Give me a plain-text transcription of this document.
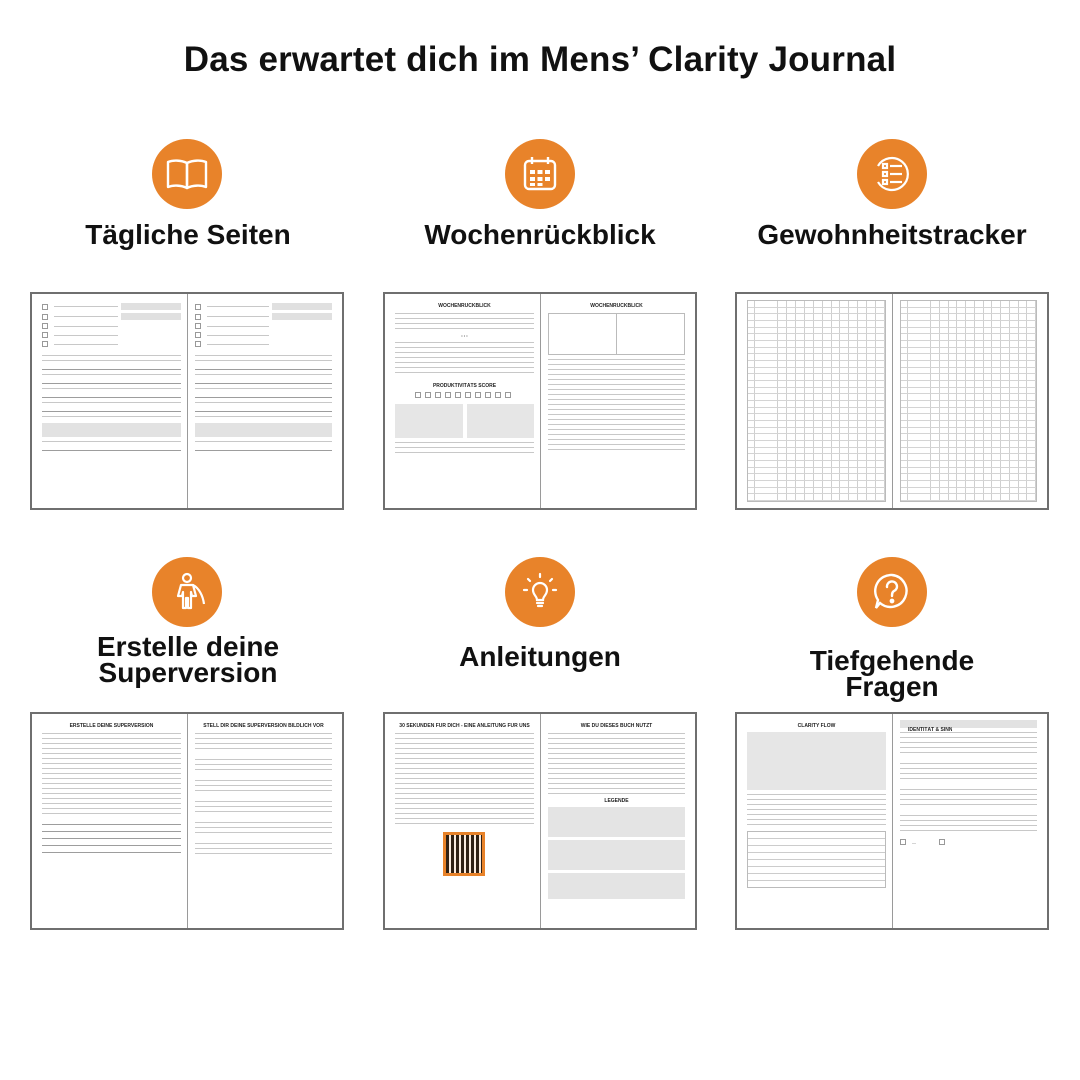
Das erwartet dich im Mens’ Clarity Journal
Tägliche Seiten	Wochenrückblick
WOCHENRÜCKBLICK
• • •
PRODUKTIVITÄTS SCORE
WOCHENRÜCKBLICK
Gewohnheitstracker
Erstelle deine
Superversion
ERSTELLE DEINE SUPERVERSION	STELL DIR DEINE SUPERVERSION BILDLICH VOR
Anleitungen
30 SEKUNDEN FÜR DICH - EINE ANLEITUNG FÜR UNS	WIE DU DIESES BUCH NUTZT
LEGENDE
Tiefgehende
Fragen
CLARITY FLOW
IDENTITÄT & SINN
—
